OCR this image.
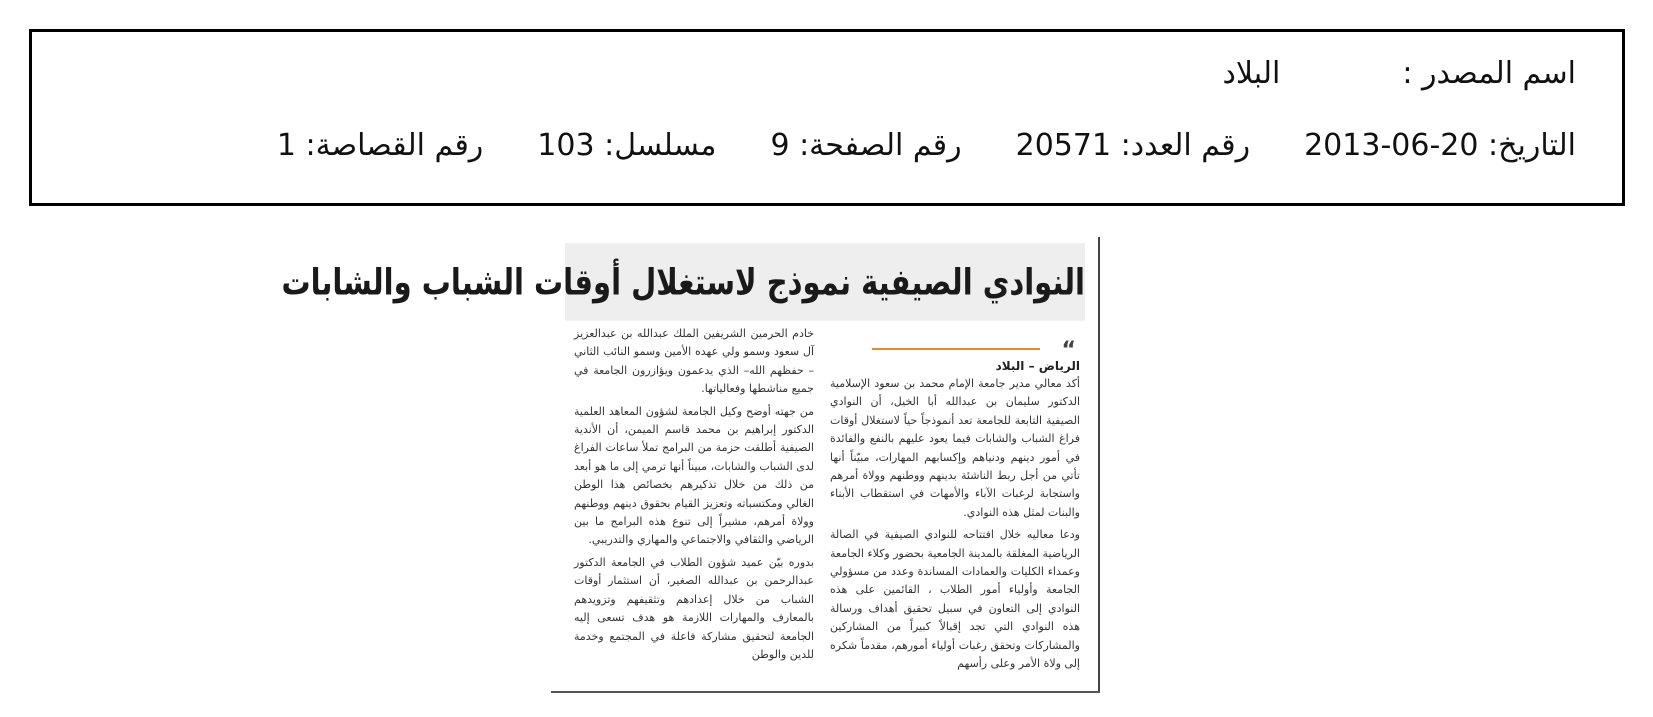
اسم المصدر :البلاد
التاريخ: 20-06-2013رقم العدد: 20571رقم الصفحة: 9مسلسل: 103رقم القصاصة: 1
النوادي الصيفية نموذج لاستغلال أوقات الشباب والشابات
“
الرياض – البلاد

أكد معالي مدير جامعة الإمام محمد بن سعود الإسلامية الدكتور سليمان بن عبدالله أبا الخيل، أن النوادي الصيفية التابعة للجامعة تعد أنموذجاً حياً لاستغلال أوقات فراغ الشباب والشابات فيما يعود عليهم بالنفع والفائدة في أمور دينهم ودنياهم وإكسابهم المهارات، مبيّناً أنها تأتي من أجل ربط الناشئة بدينهم ووطنهم وولاة أمرهم واستجابة لرغبات الآباء والأمهات في استقطاب الأبناء والبنات لمثل هذه النوادي.

ودعا معاليه خلال افتتاحه للنوادي الصيفية في الصالة الرياضية المغلقة بالمدينة الجامعية بحضور وكلاء الجامعة وعمداء الكليات والعمادات المساندة وعدد من مسؤولي الجامعة وأولياء أمور الطلاب ، القائمين على هذه النوادي إلى التعاون في سبيل تحقيق أهداف ورسالة هذه النوادي التي تجد إقبالاً كبيراً من المشاركين والمشاركات وتحقق رغبات أولياء أمورهم، مقدماً شكره إلى ولاة الأمر وعلى رأسهم

خادم الحرمين الشريفين الملك عبدالله بن عبدالعزيز آل سعود وسمو ولي عهده الأمين وسمو النائب الثاني – حفظهم الله– الذي يدعمون ويؤازرون الجامعة في جميع مناشطها وفعالياتها.

من جهته أوضح وكيل الجامعة لشؤون المعاهد العلمية الدكتور إبراهيم بن محمد قاسم الميمن، أن الأندية الصيفية أطلقت حزمة من البرامج تملأ ساعات الفراغ لدى الشباب والشابات، مبيناً أنها ترمي إلى ما هو أبعد من ذلك من خلال تذكيرهم بخصائص هذا الوطن الغالي ومكتسباته وتعزيز القيام بحقوق دينهم ووطنهم وولاة أمرهم، مشيراً إلى تنوع هذه البرامج ما بين الرياضي والثقافي والاجتماعي والمهاري والتدريبي.

بدوره بيّن عميد شؤون الطلاب في الجامعة الدكتور عبدالرحمن بن عبدالله الصغير، أن استثمار أوقات الشباب من خلال إعدادهم وتثقيفهم وتزويدهم بالمعارف والمهارات اللازمة هو هدف تسعى إليه الجامعة لتحقيق مشاركة فاعلة في المجتمع وخدمة للدين والوطن
